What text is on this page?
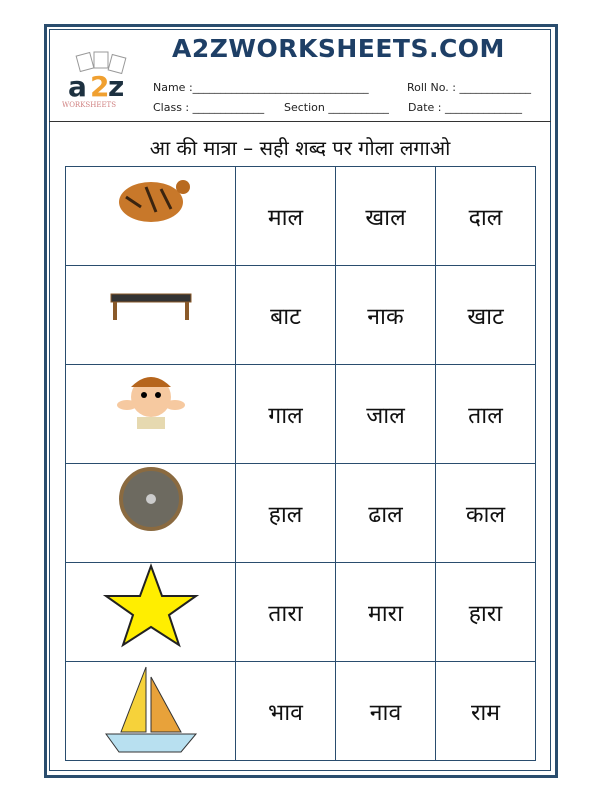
a 2
z
WORKSHEETS
A2ZWORKSHEETS.COM
Name :________________________________	Roll No. : _____________
Class : _____________ Section ___________ Date : ______________
आ की मात्रा – सही शब्द पर गोला लगाओ
	माल	खाल	दाल
	बाट	नाक	खाट
	गाल	जाल	ताल
	हाल	ढाल	काल
	तारा	मारा	हारा
	भाव	नाव	राम
